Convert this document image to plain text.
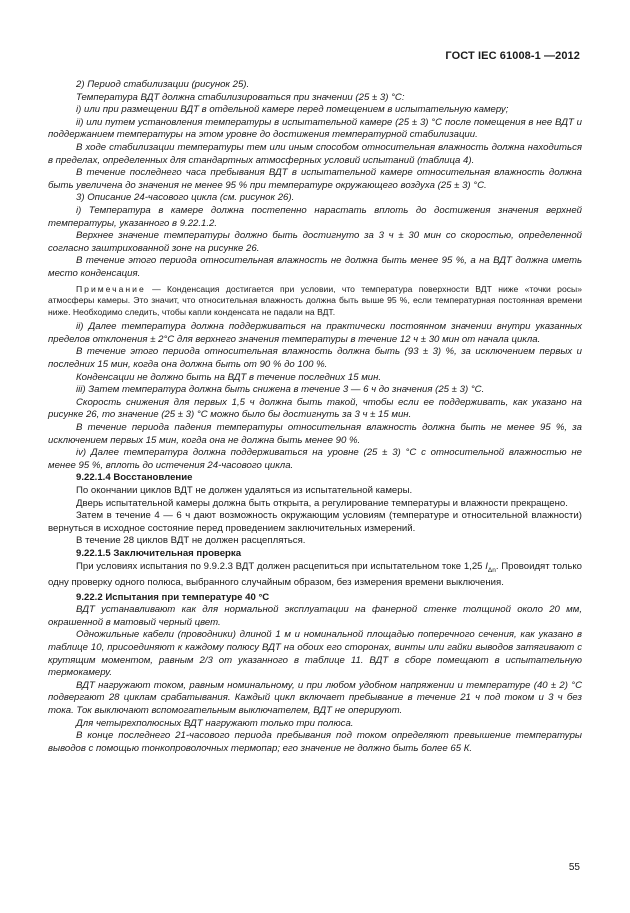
ГОСТ IEC 61008-1 —2012

2) Период стабилизации (рисунок 25).

Температура ВДТ должна стабилизироваться при значении (25 ± 3) °С:

i) или при размещении ВДТ в отдельной камере перед помещением в испытательную камеру;

ii) или путем установления температуры в испытательной камере (25 ± 3) °С после помещения в нее ВДТ и поддержанием температуры на этом уровне до достижения температурной стабилизации.

В ходе стабилизации температуры тем или иным способом относительная влажность должна находиться в пределах, определенных для стандартных атмосферных условий испытаний (таблица 4).

В течение последнего часа пребывания ВДТ в испытательной камере относительная влажность должна быть увеличена до значения не менее 95 % при температуре окружающего воздуха (25 ± 3) °С.

3) Описание 24-часового цикла (см. рисунок 26).

i) Температура в камере должна постепенно нарастать вплоть до достижения значения верхней температуры, указанного в 9.22.1.2.

Верхнее значение температуры должно быть достигнуто за 3 ч ± 30 мин со скоростью, определенной согласно заштрихованной зоне на рисунке 26.

В течение этого периода относительная влажность не должна быть менее 95 %, а на ВДТ должна иметь место конденсация.

Примечание — Конденсация достигается при условии, что температура поверхности ВДТ ниже «точки росы» атмосферы камеры. Это значит, что относительная влажность должна быть выше 95 %, если температурная постоянная времени ниже. Необходимо следить, чтобы капли конденсата не падали на ВДТ.

ii) Далее температура должна поддерживаться на практически постоянном значении внутри указанных пределов отклонения ± 2°С для верхнего значения температуры в течение 12 ч ± 30 мин от начала цикла.

В течение этого периода относительная влажность должна быть (93 ± 3) %, за исключением первых и последних 15 мин, когда она должна быть от 90 % до 100 %.

Конденсации не должно быть на ВДТ в течение последних 15 мин.

iii) Затем температура должна быть снижена в течение 3 — 6 ч до значения (25 ± 3) °С.

Скорость снижения для первых 1,5 ч должна быть такой, чтобы если ее поддерживать, как указано на рисунке 26, то значение (25 ± 3) °С можно было бы достигнуть за 3 ч ± 15 мин.

В течение периода падения температуры относительная влажность должна быть не менее 95 %, за исключением первых 15 мин, когда она не должна быть менее 90 %.

iv) Далее температура должна поддерживаться на уровне (25 ± 3) °С с относительной влажностью не менее 95 %, вплоть до истечения 24-часового цикла.

9.22.1.4 Восстановление

По окончании циклов ВДТ не должен удаляться из испытательной камеры.

Дверь испытательной камеры должна быть открыта, а регулирование температуры и влажности прекращено.

Затем в течение 4 — 6 ч дают возможность окружающим условиям (температуре и относительной влажности) вернуться в исходное состояние перед проведением заключительных измерений.

В течение 28 циклов ВДТ не должен расцепляться.

9.22.1.5 Заключительная проверка

При условиях испытания по 9.9.2.3 ВДТ должен расцепиться при испытательном токе 1,25 $I_{\Delta n}$. Провоидят только одну проверку одного полюса, выбранного случайным образом, без измерения времени выключения.

9.22.2 Испытания при температуре 40 °С

ВДТ устанавливают как для нормальной эксплуатации на фанерной стенке толщиной около 20 мм, окрашенной в матовый черный цвет.

Одножильные кабели (проводники) длиной 1 м и номинальной площадью поперечного сечения, как указано в таблице 10, присоединяют к каждому полюсу ВДТ на обоих его сторонах, винты или гайки выводов затягивают с крутящим моментом, равным 2/3 от указанного в таблице 11. ВДТ в сборе помещают в испытательную термокамеру.

ВДТ нагружают током, равным номинальному, и при любом удобном напряжении и температуре (40 ± 2) °С подвергают 28 циклам срабатывания. Каждый цикл включает пребывание в течение 21 ч под током и 3 ч без тока. Ток выключают вспомогательным выключателем, ВДТ не оперируют.

Для четырехполюсных ВДТ нагружают только три полюса.

В конце последнего 21-часового периода пребывания под током определяют превышение температуры выводов с помощью тонкопроволочных термопар; его значение не должно быть более 65 К.

55
